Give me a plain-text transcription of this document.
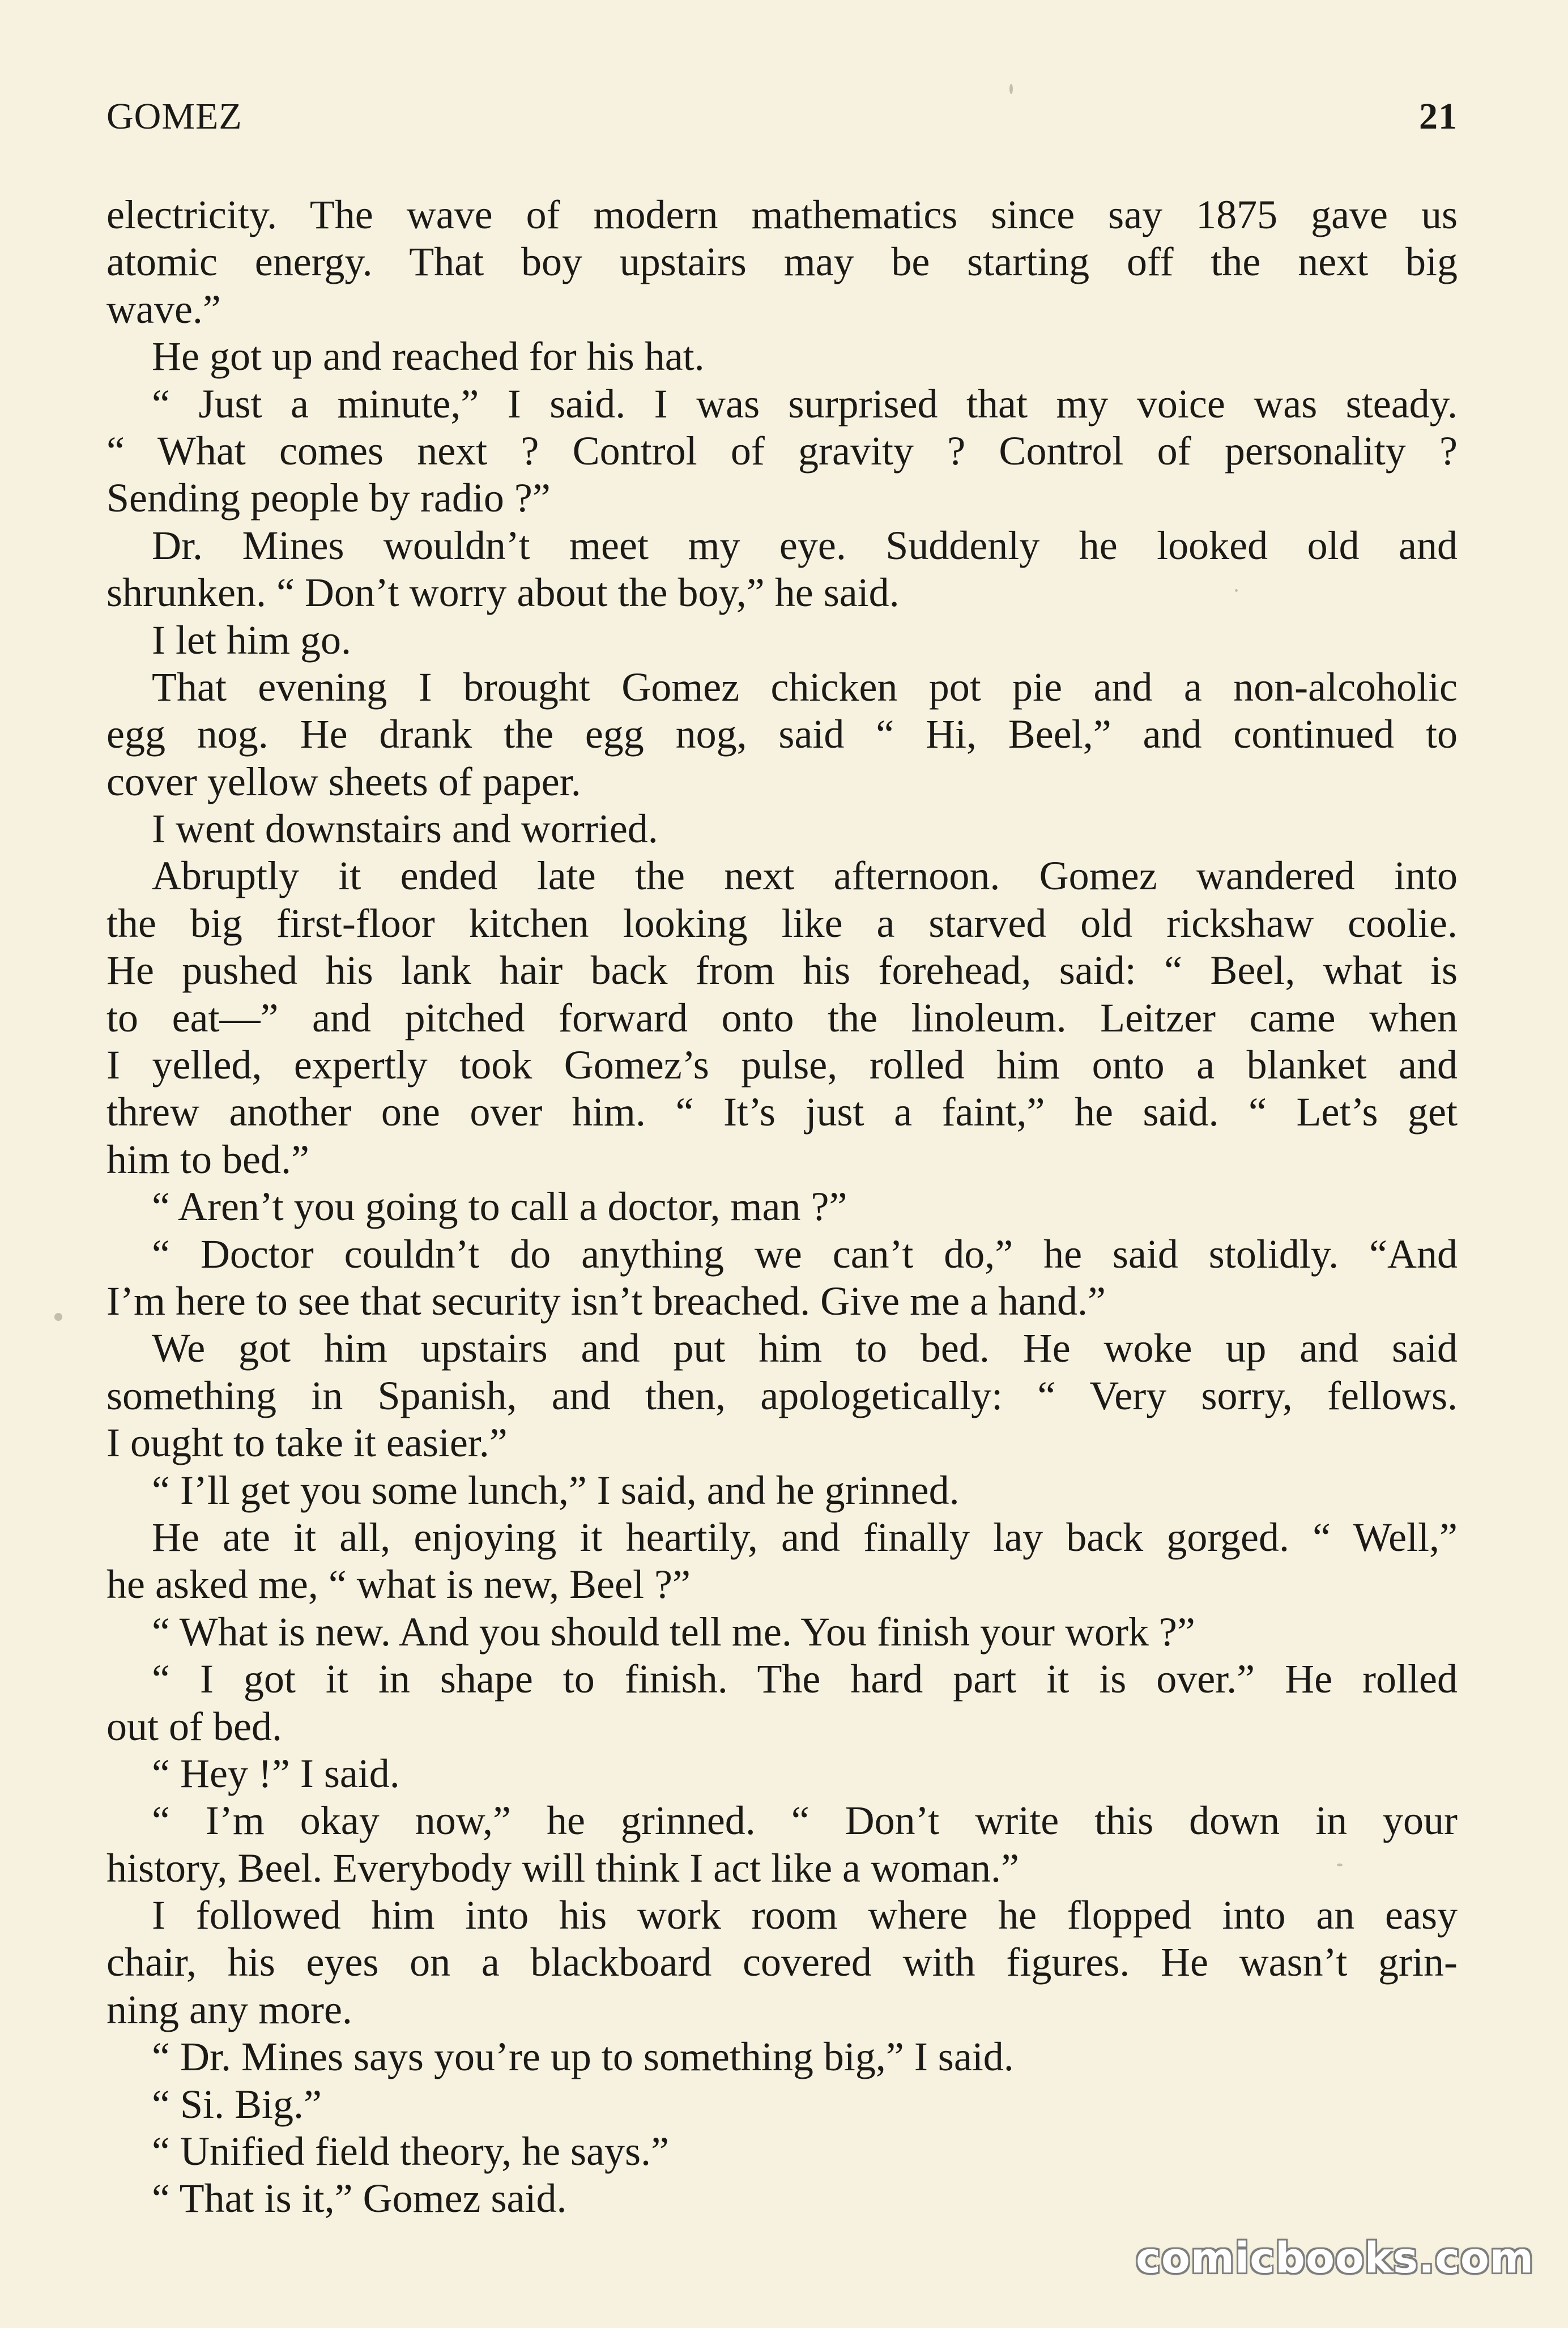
GOMEZ	21
electricity. The wave of modern mathematics since say 1875 gave us
atomic energy. That boy upstairs may be starting off the next big
wave.”
He got up and reached for his hat.
“ Just a minute,” I said. I was surprised that my voice was steady.
“ What comes next ? Control of gravity ? Control of personality ?
Sending people by radio ?”
Dr. Mines wouldn’t meet my eye. Suddenly he looked old and
shrunken. “ Don’t worry about the boy,” he said.
I let him go.
That evening I brought Gomez chicken pot pie and a non-alcoholic
egg nog. He drank the egg nog, said “ Hi, Beel,” and continued to
cover yellow sheets of paper.
I went downstairs and worried.
Abruptly it ended late the next afternoon. Gomez wandered into
the big first-floor kitchen looking like a starved old rickshaw coolie.
He pushed his lank hair back from his forehead, said: “ Beel, what is
to eat—” and pitched forward onto the linoleum. Leitzer came when
I yelled, expertly took Gomez’s pulse, rolled him onto a blanket and
threw another one over him. “ It’s just a faint,” he said. “ Let’s get
him to bed.”
“ Aren’t you going to call a doctor, man ?”
“ Doctor couldn’t do anything we can’t do,” he said stolidly. “And
I’m here to see that security isn’t breached. Give me a hand.”
We got him upstairs and put him to bed. He woke up and said
something in Spanish, and then, apologetically: “ Very sorry, fellows.
I ought to take it easier.”
“ I’ll get you some lunch,” I said, and he grinned.
He ate it all, enjoying it heartily, and finally lay back gorged. “ Well,”
he asked me, “ what is new, Beel ?”
“ What is new. And you should tell me. You finish your work ?”
“ I got it in shape to finish. The hard part it is over.” He rolled
out of bed.
“ Hey !” I said.
“ I’m okay now,” he grinned. “ Don’t write this down in your
history, Beel. Everybody will think I act like a woman.”
I followed him into his work room where he flopped into an easy
chair, his eyes on a blackboard covered with figures. He wasn’t grin-
ning any more.
“ Dr. Mines says you’re up to something big,” I said.
“ Si. Big.”
“ Unified field theory, he says.”
“ That is it,” Gomez said.
comicbooks.com
